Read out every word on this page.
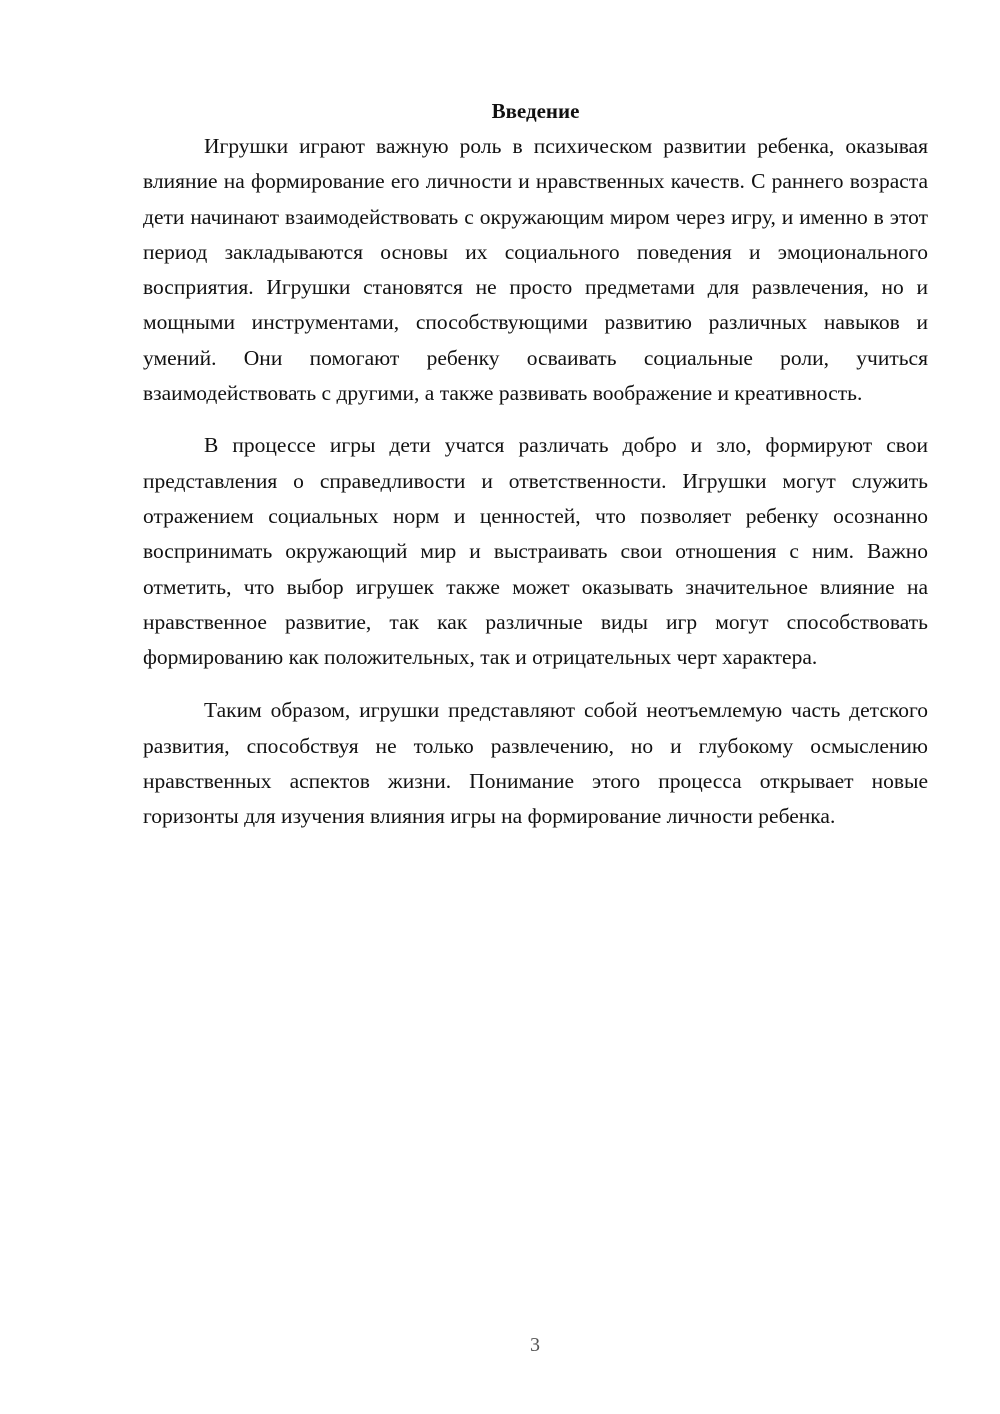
Введение

Игрушки играют важную роль в психическом развитии ребенка, оказывая влияние на формирование его личности и нравственных качеств. С раннего возраста дети начинают взаимодействовать с окружающим миром через игру, и именно в этот период закладываются основы их социального поведения и эмоционального восприятия. Игрушки становятся не просто предметами для развлечения, но и мощными инструментами, способствующими развитию различных навыков и умений. Они помогают ребенку осваивать социальные роли, учиться взаимодействовать с другими, а также развивать воображение и креативность.

В процессе игры дети учатся различать добро и зло, формируют свои представления о справедливости и ответственности. Игрушки могут служить отражением социальных норм и ценностей, что позволяет ребенку осознанно воспринимать окружающий мир и выстраивать свои отношения с ним. Важно отметить, что выбор игрушек также может оказывать значительное влияние на нравственное развитие, так как различные виды игр могут способствовать формированию как положительных, так и отрицательных черт характера.

Таким образом, игрушки представляют собой неотъемлемую часть детского развития, способствуя не только развлечению, но и глубокому осмыслению нравственных аспектов жизни. Понимание этого процесса открывает новые горизонты для изучения влияния игры на формирование личности ребенка.

3
